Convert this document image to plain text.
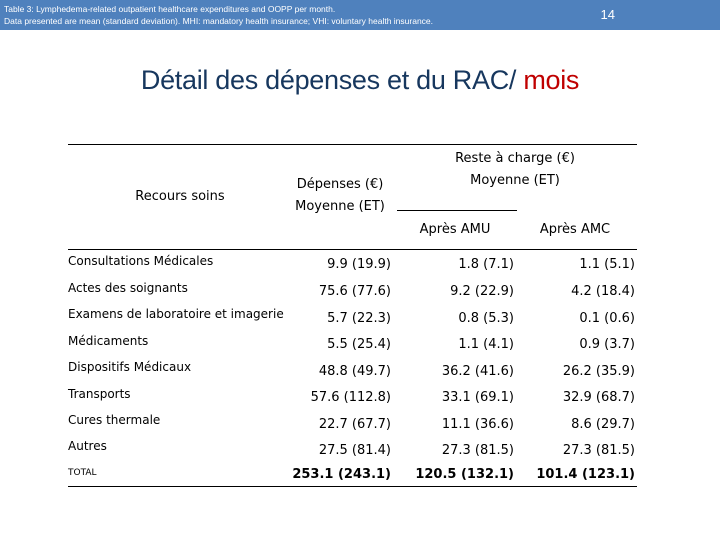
Table 3: Lymphedema-related outpatient healthcare expenditures and OOPP per month.
Data presented are mean (standard deviation). MHI: mandatory health insurance; VHI: voluntary health insurance.	14
Détail des dépenses et du RAC/ mois
Recours soins
Dépenses (€)
Moyenne (ET)
Reste à charge (€)
Moyenne (ET)
Après AMU	Après AMC
Consultations Médicales	9.9 (19.9)	1.8 (7.1)	1.1 (5.1)
Actes des soignants	75.6 (77.6)	9.2 (22.9)	4.2 (18.4)
Examens de laboratoire et imagerie	5.7 (22.3)	0.8 (5.3)	0.1 (0.6)
Médicaments	5.5 (25.4)	1.1 (4.1)	0.9 (3.7)
Dispositifs Médicaux	48.8 (49.7)	36.2 (41.6)	26.2 (35.9)
Transports	57.6 (112.8)	33.1 (69.1)	32.9 (68.7)
Cures thermale	22.7 (67.7)	11.1 (36.6)	8.6 (29.7)
Autres	27.5 (81.4)	27.3 (81.5)	27.3 (81.5)
TOTAL	253.1 (243.1) 120.5 (132.1) 101.4 (123.1)
